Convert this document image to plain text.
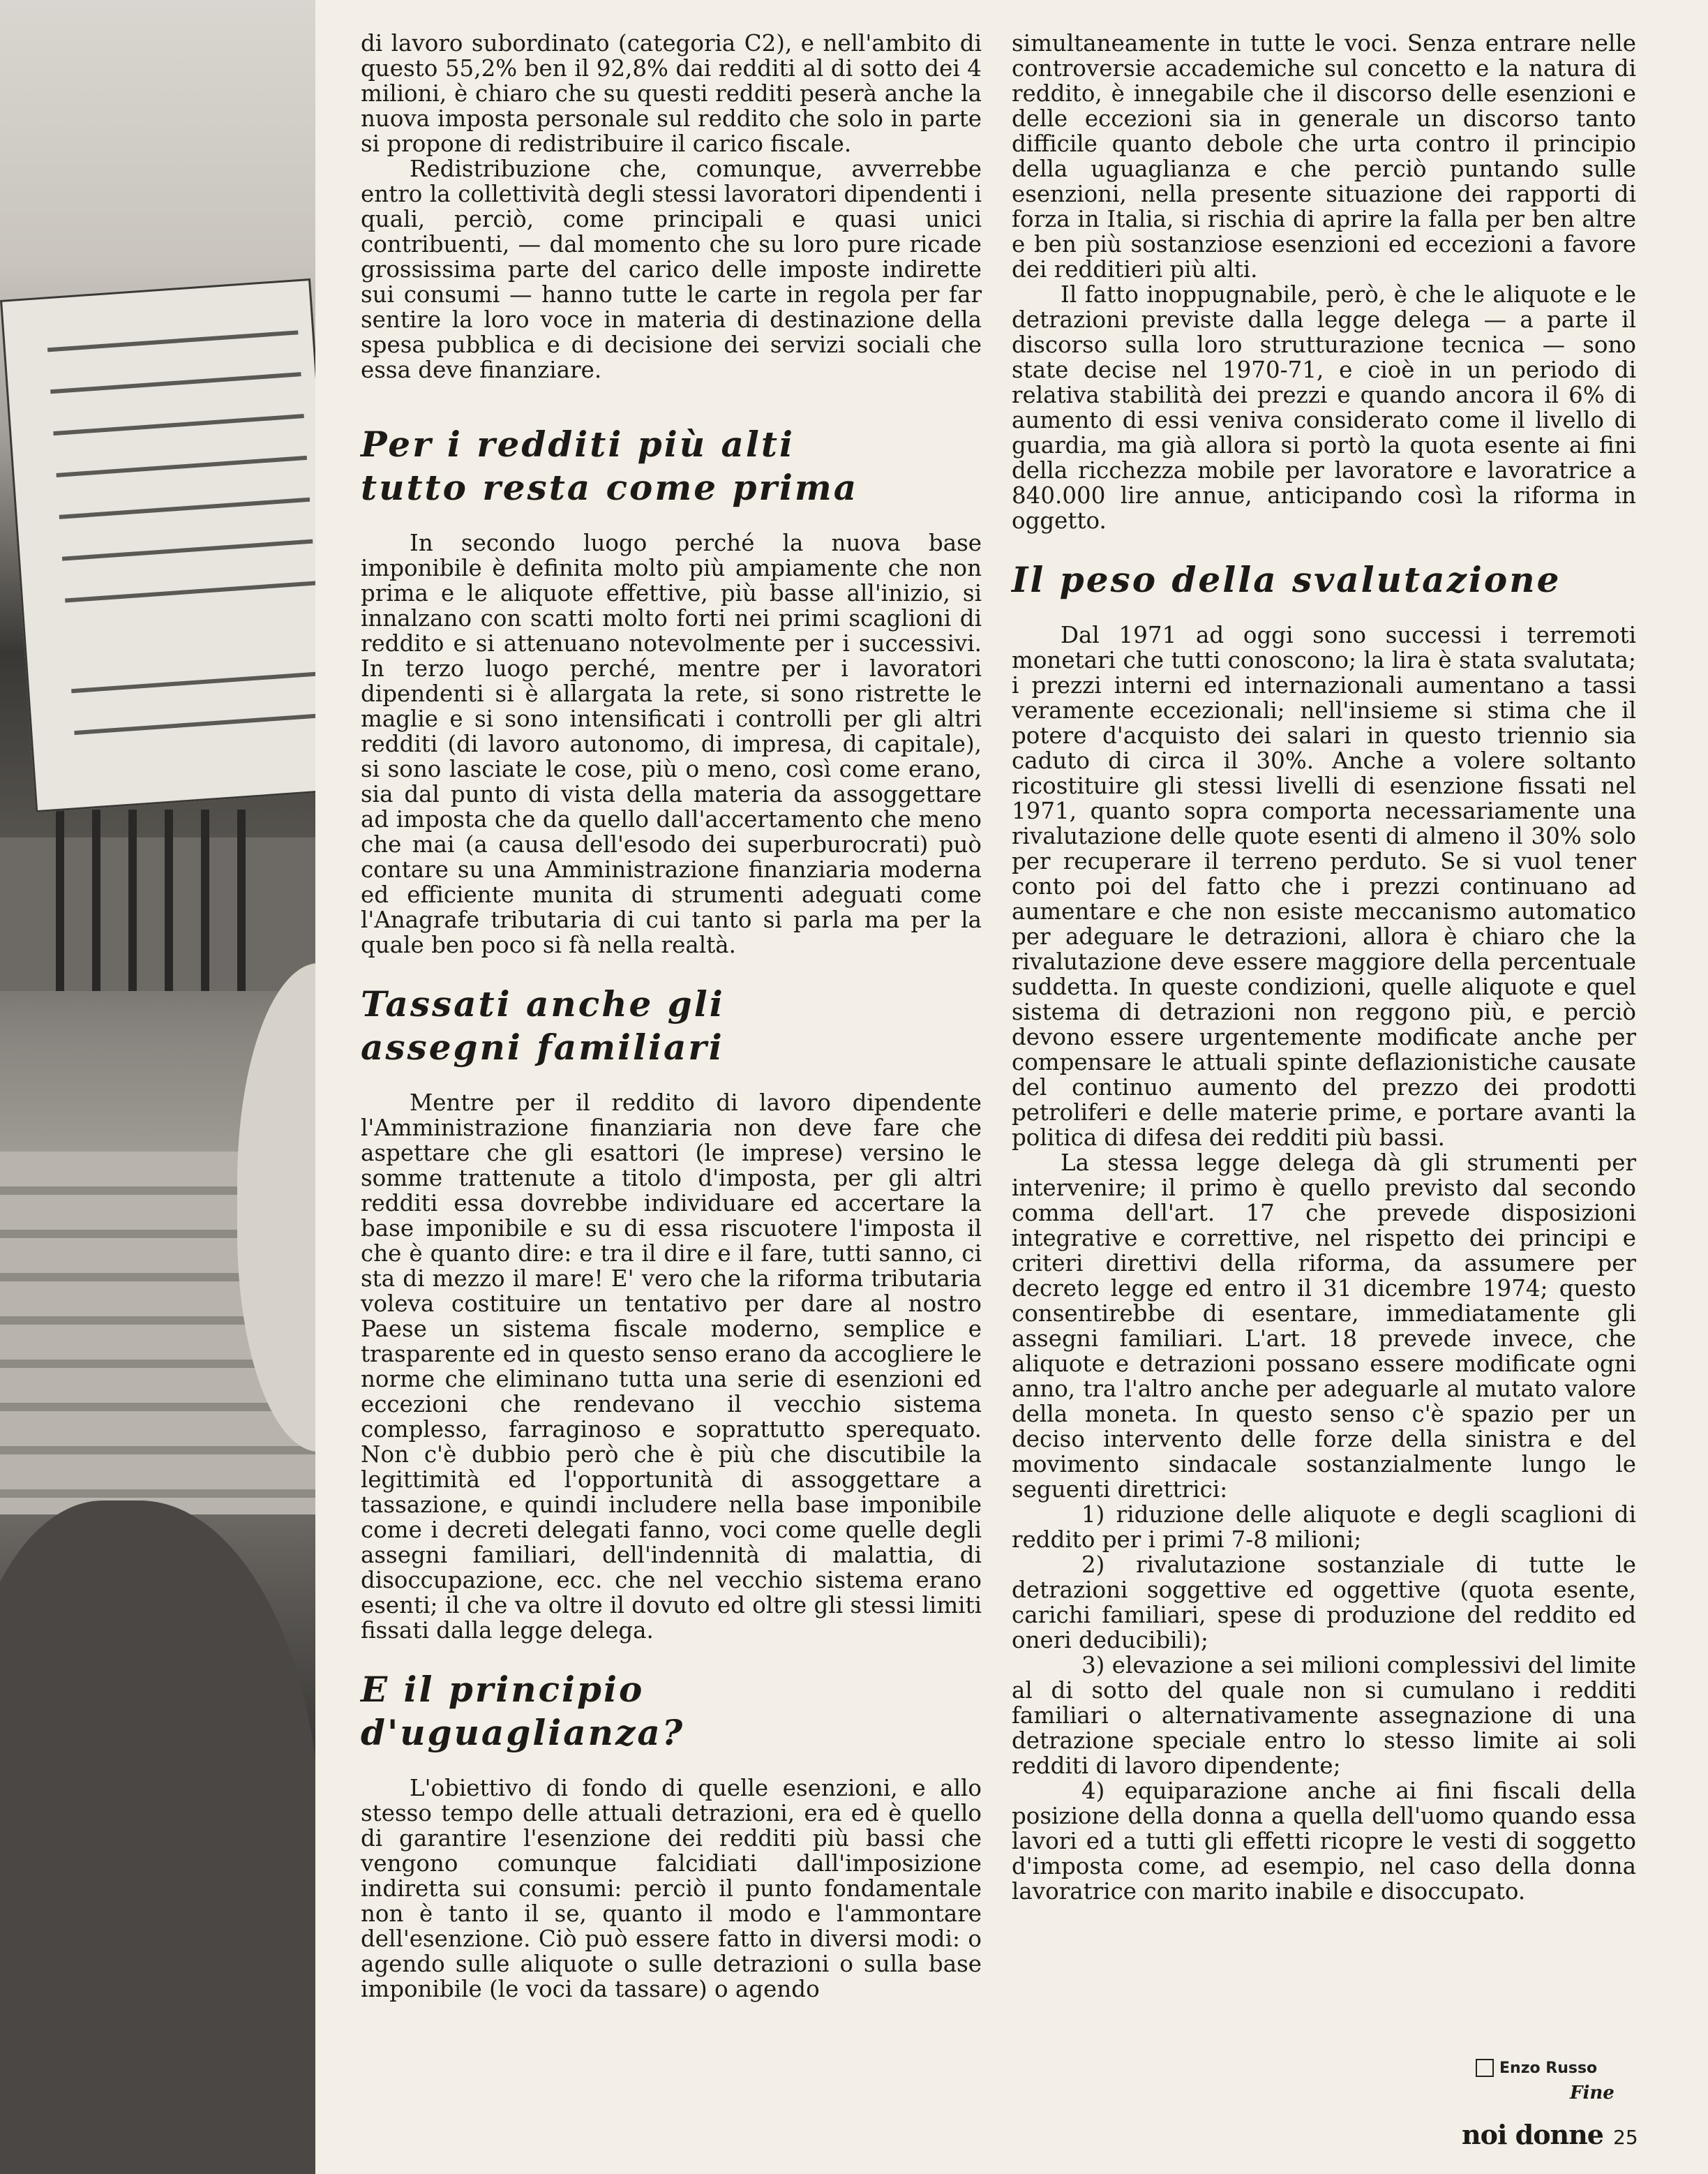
di lavoro subordinato (categoria C2), e nell'ambito di questo 55,2% ben il 92,8% dai redditi al di sotto dei 4 milioni, è chiaro che su questi redditi peserà anche la nuova imposta personale sul reddito che solo in parte si propone di redistribuire il carico fiscale.

Redistribuzione che, comunque, avverrebbe entro la collettività degli stessi lavoratori dipendenti i quali, perciò, come principali e quasi unici contribuenti, — dal momento che su loro pure ricade grossissima parte del carico delle imposte indirette sui consumi — hanno tutte le carte in regola per far sentire la loro voce in materia di destinazione della spesa pubblica e di decisione dei servizi sociali che essa deve finanziare.

Per i redditi più alti tutto resta come prima

In secondo luogo perché la nuova base imponibile è definita molto più ampiamente che non prima e le aliquote effettive, più basse all'inizio, si innalzano con scatti molto forti nei primi scaglioni di reddito e si attenuano notevolmente per i successivi. In terzo luogo perché, mentre per i lavoratori dipendenti si è allargata la rete, si sono ristrette le maglie e si sono intensificati i controlli per gli altri redditi (di lavoro autonomo, di impresa, di capitale), si sono lasciate le cose, più o meno, così come erano, sia dal punto di vista della materia da assoggettare ad imposta che da quello dall'accertamento che meno che mai (a causa dell'esodo dei superburocrati) può contare su una Amministrazione finanziaria moderna ed efficiente munita di strumenti adeguati come l'Anagrafe tributaria di cui tanto si parla ma per la quale ben poco si fà nella realtà.

Tassati anche gli assegni familiari

Mentre per il reddito di lavoro dipendente l'Amministrazione finanziaria non deve fare che aspettare che gli esattori (le imprese) versino le somme trattenute a titolo d'imposta, per gli altri redditi essa dovrebbe individuare ed accertare la base imponibile e su di essa riscuotere l'imposta il che è quanto dire: e tra il dire e il fare, tutti sanno, ci sta di mezzo il mare! E' vero che la riforma tributaria voleva costituire un tentativo per dare al nostro Paese un sistema fiscale moderno, semplice e trasparente ed in questo senso erano da accogliere le norme che eliminano tutta una serie di esenzioni ed eccezioni che rendevano il vecchio sistema complesso, farraginoso e soprattutto sperequato. Non c'è dubbio però che è più che discutibile la legittimità ed l'opportunità di assoggettare a tassazione, e quindi includere nella base imponibile come i decreti delegati fanno, voci come quelle degli assegni familiari, dell'indennità di malattia, di disoccupazione, ecc. che nel vecchio sistema erano esenti; il che va oltre il dovuto ed oltre gli stessi limiti fissati dalla legge delega.

E il principio d'uguaglianza?

L'obiettivo di fondo di quelle esenzioni, e allo stesso tempo delle attuali detrazioni, era ed è quello di garantire l'esenzione dei redditi più bassi che vengono comunque falcidiati dall'imposizione indiretta sui consumi: perciò il punto fondamentale non è tanto il se, quanto il modo e l'ammontare dell'esenzione. Ciò può essere fatto in diversi modi: o agendo sulle aliquote o sulle detrazioni o sulla base imponibile (le voci da tassare) o agendo

simultaneamente in tutte le voci. Senza entrare nelle controversie accademiche sul concetto e la natura di reddito, è innegabile che il discorso delle esenzioni e delle eccezioni sia in generale un discorso tanto difficile quanto debole che urta contro il principio della uguaglianza e che perciò puntando sulle esenzioni, nella presente situazione dei rapporti di forza in Italia, si rischia di aprire la falla per ben altre e ben più sostanziose esenzioni ed eccezioni a favore dei redditieri più alti.

Il fatto inoppugnabile, però, è che le aliquote e le detrazioni previste dalla legge delega — a parte il discorso sulla loro strutturazione tecnica — sono state decise nel 1970-71, e cioè in un periodo di relativa stabilità dei prezzi e quando ancora il 6% di aumento di essi veniva considerato come il livello di guardia, ma già allora si portò la quota esente ai fini della ricchezza mobile per lavoratore e lavoratrice a 840.000 lire annue, anticipando così la riforma in oggetto.

Il peso della svalutazione

Dal 1971 ad oggi sono successi i terremoti monetari che tutti conoscono; la lira è stata svalutata; i prezzi interni ed internazionali aumentano a tassi veramente eccezionali; nell'insieme si stima che il potere d'acquisto dei salari in questo triennio sia caduto di circa il 30%. Anche a volere soltanto ricostituire gli stessi livelli di esenzione fissati nel 1971, quanto sopra comporta necessariamente una rivalutazione delle quote esenti di almeno il 30% solo per recuperare il terreno perduto. Se si vuol tener conto poi del fatto che i prezzi continuano ad aumentare e che non esiste meccanismo automatico per adeguare le detrazioni, allora è chiaro che la rivalutazione deve essere maggiore della percentuale suddetta. In queste condizioni, quelle aliquote e quel sistema di detrazioni non reggono più, e perciò devono essere urgentemente modificate anche per compensare le attuali spinte deflazionistiche causate del continuo aumento del prezzo dei prodotti petroliferi e delle materie prime, e portare avanti la politica di difesa dei redditi più bassi.

La stessa legge delega dà gli strumenti per intervenire; il primo è quello previsto dal secondo comma dell'art. 17 che prevede disposizioni integrative e correttive, nel rispetto dei principi e criteri direttivi della riforma, da assumere per decreto legge ed entro il 31 dicembre 1974; questo consentirebbe di esentare, immediatamente gli assegni familiari. L'art. 18 prevede invece, che aliquote e detrazioni possano essere modificate ogni anno, tra l'altro anche per adeguarle al mutato valore della moneta. In questo senso c'è spazio per un deciso intervento delle forze della sinistra e del movimento sindacale sostanzialmente lungo le seguenti direttrici:

1) riduzione delle aliquote e degli scaglioni di reddito per i primi 7-8 milioni;

2) rivalutazione sostanziale di tutte le detrazioni soggettive ed oggettive (quota esente, carichi familiari, spese di produzione del reddito ed oneri deducibili);

3) elevazione a sei milioni complessivi del limite al di sotto del quale non si cumulano i redditi familiari o alternativamente assegnazione di una detrazione speciale entro lo stesso limite ai soli redditi di lavoro dipendente;

4) equiparazione anche ai fini fiscali della posizione della donna a quella dell'uomo quando essa lavori ed a tutti gli effetti ricopre le vesti di soggetto d'imposta come, ad esempio, nel caso della donna lavoratrice con marito inabile e disoccupato.

Enzo Russo
Fine
noi donne 25
